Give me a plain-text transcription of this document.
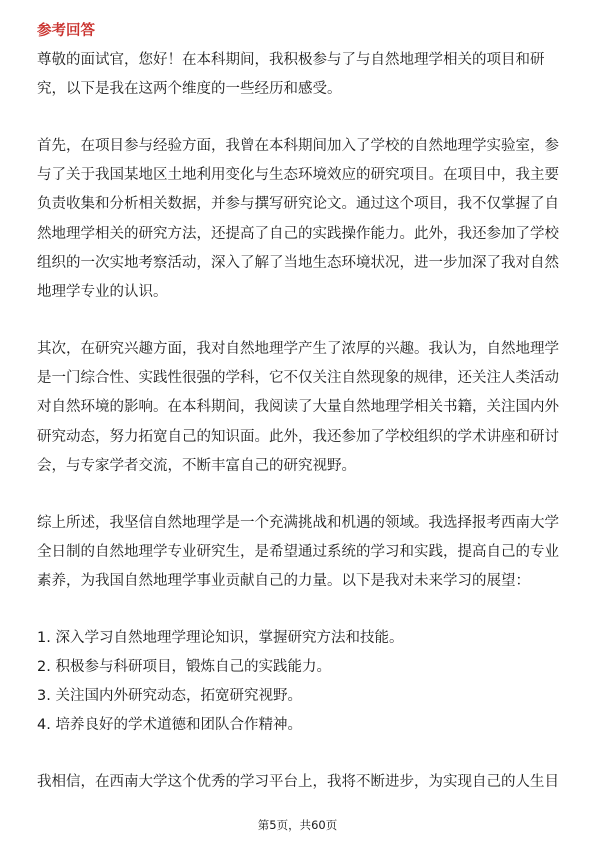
参考回答
尊敬的面试官，您好！在本科期间，我积极参与了与自然地理学相关的项目和研
究，以下是我在这两个维度的一些经历和感受。
首先，在项目参与经验方面，我曾在本科期间加入了学校的自然地理学实验室，参
与了关于我国某地区土地利用变化与生态环境效应的研究项目。在项目中，我主要
负责收集和分析相关数据，并参与撰写研究论文。通过这个项目，我不仅掌握了自
然地理学相关的研究方法，还提高了自己的实践操作能力。此外，我还参加了学校
组织的一次实地考察活动，深入了解了当地生态环境状况，进一步加深了我对自然
地理学专业的认识。
其次，在研究兴趣方面，我对自然地理学产生了浓厚的兴趣。我认为，自然地理学
是一门综合性、实践性很强的学科，它不仅关注自然现象的规律，还关注人类活动
对自然环境的影响。在本科期间，我阅读了大量自然地理学相关书籍，关注国内外
研究动态，努力拓宽自己的知识面。此外，我还参加了学校组织的学术讲座和研讨
会，与专家学者交流，不断丰富自己的研究视野。
综上所述，我坚信自然地理学是一个充满挑战和机遇的领域。我选择报考西南大学
全日制的自然地理学专业研究生，是希望通过系统的学习和实践，提高自己的专业
素养，为我国自然地理学事业贡献自己的力量。以下是我对未来学习的展望：
1. 深入学习自然地理学理论知识，掌握研究方法和技能。
2. 积极参与科研项目，锻炼自己的实践能力。
3. 关注国内外研究动态，拓宽研究视野。
4. 培养良好的学术道德和团队合作精神。
我相信，在西南大学这个优秀的学习平台上，我将不断进步，为实现自己的人生目
第5页，共60页
